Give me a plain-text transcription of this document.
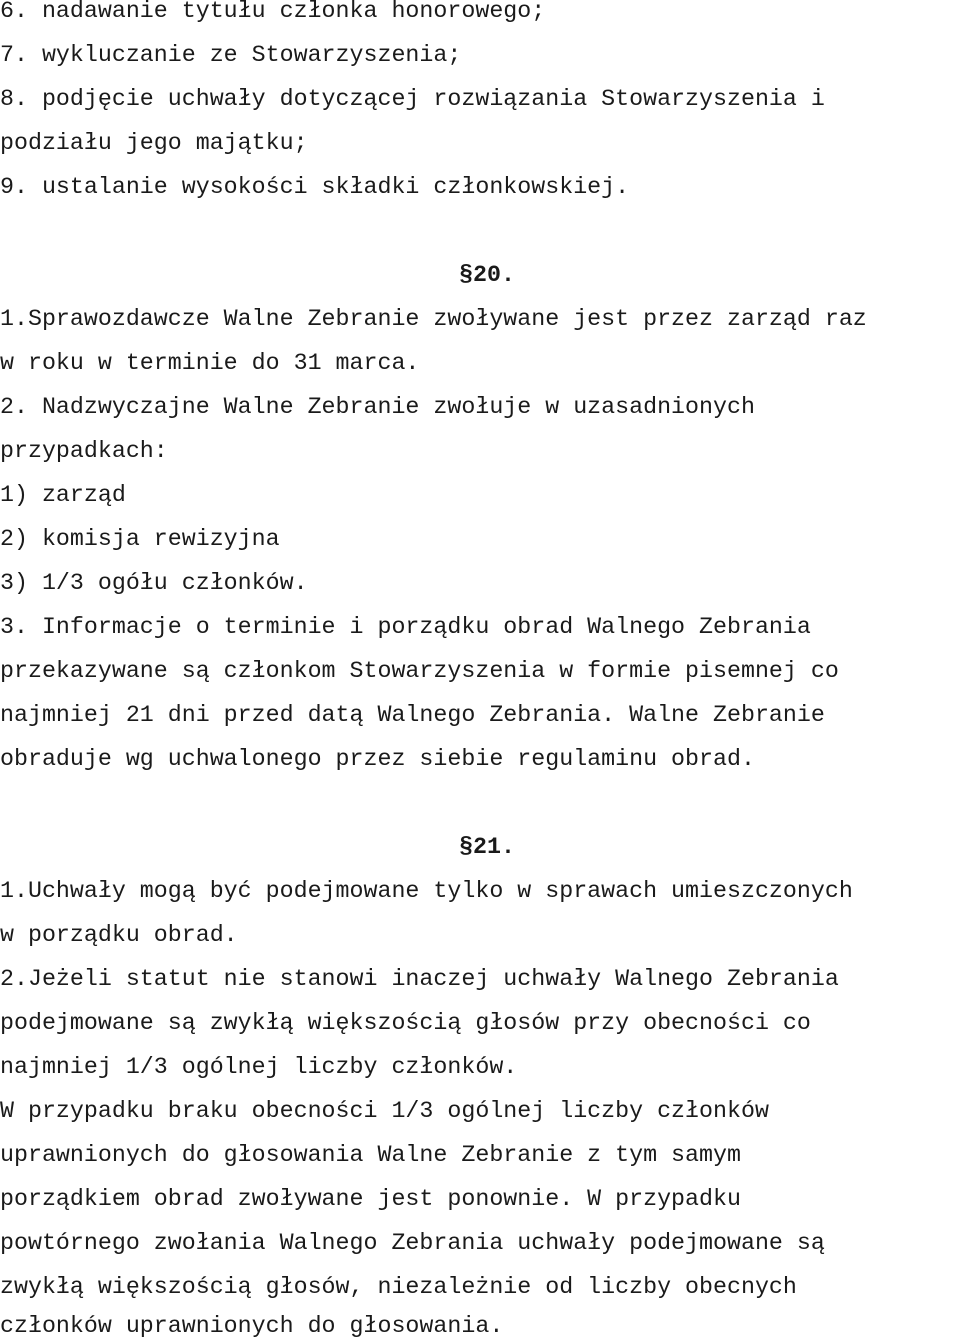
6. nadawanie tytułu członka honorowego;
7. wykluczanie ze Stowarzyszenia;
8. podjęcie uchwały dotyczącej rozwiązania Stowarzyszenia i
podziału jego majątku;
9. ustalanie wysokości składki członkowskiej.
§20.
1.Sprawozdawcze Walne Zebranie zwoływane jest przez zarząd raz
w roku w terminie do 31 marca.
2. Nadzwyczajne Walne Zebranie zwołuje w uzasadnionych
przypadkach:
1) zarząd
2) komisja rewizyjna
3) 1/3 ogółu członków.
3. Informacje o terminie i porządku obrad Walnego Zebrania
przekazywane są członkom Stowarzyszenia w formie pisemnej co
najmniej 21 dni przed datą Walnego Zebrania. Walne Zebranie
obraduje wg uchwalonego przez siebie regulaminu obrad.
§21.
1.Uchwały mogą być podejmowane tylko w sprawach umieszczonych
w porządku obrad.
2.Jeżeli statut nie stanowi inaczej uchwały Walnego Zebrania
podejmowane są zwykłą większością głosów przy obecności co
najmniej 1/3 ogólnej liczby członków.
W przypadku braku obecności 1/3 ogólnej liczby członków
uprawnionych do głosowania Walne Zebranie z tym samym
porządkiem obrad zwoływane jest ponownie. W przypadku
powtórnego zwołania Walnego Zebrania uchwały podejmowane są
zwykłą większością głosów, niezależnie od liczby obecnych
członków uprawnionych do głosowania.
